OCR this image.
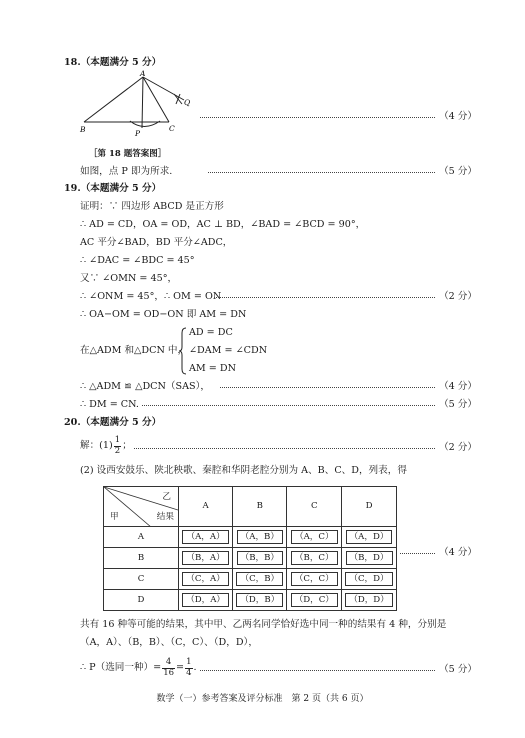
18.（本题满分 5 分）
A
B	C
P
Q
（4 分）
［第 18 题答案图］
如图，点 P 即为所求.	（5 分）
19.（本题满分 5 分）
证明：∵ 四边形 ABCD 是正方形
∴ AD = CD，OA = OD，AC ⊥ BD，∠BAD = ∠BCD = 90°，
AC 平分∠BAD，BD 平分∠ADC，
∴ ∠DAC = ∠BDC = 45°
又∵ ∠OMN = 45°，
∴ ∠ONM = 45°，∴ OM = ON	（2 分）
∴ OA−OM = OD−ON 即 AM = DN
在△ADM 和△DCN 中，
AD = DC
∠DAM = ∠CDN
AM = DN
∴ △ADM ≌ △DCN（SAS），	（4 分）
∴ DM = CN.	（5 分）
20.（本题满分 5 分）
解：$(1) \frac{1}{2}$ ；	（2 分）
(2) 设西安鼓乐、陕北秧歌、秦腔和华阴老腔分别为 A、B、C、D，列表，得
乙
甲 结果	A	B	C	D
A	（A，A）	（A，B）	（A，C）	（A，D）
B	（B，A）	（B，B）	（B，C）	（B，D）
C	（C，A）	（C，B）	（C，C）	（C，D）
D	（D，A）	（D，B）	（D，C）	（D，D）
（4 分）
共有 16 种等可能的结果，其中甲、乙两名同学恰好选中同一种的结果有 4 种，分别是
（A，A）、（B，B）、（C，C）、（D，D），
∴ P（选同一种）= $\frac{4}{16} = \frac{1}{4}$ .	（5 分）
数学（一）参考答案及评分标准　第 2 页（共 6 页）
